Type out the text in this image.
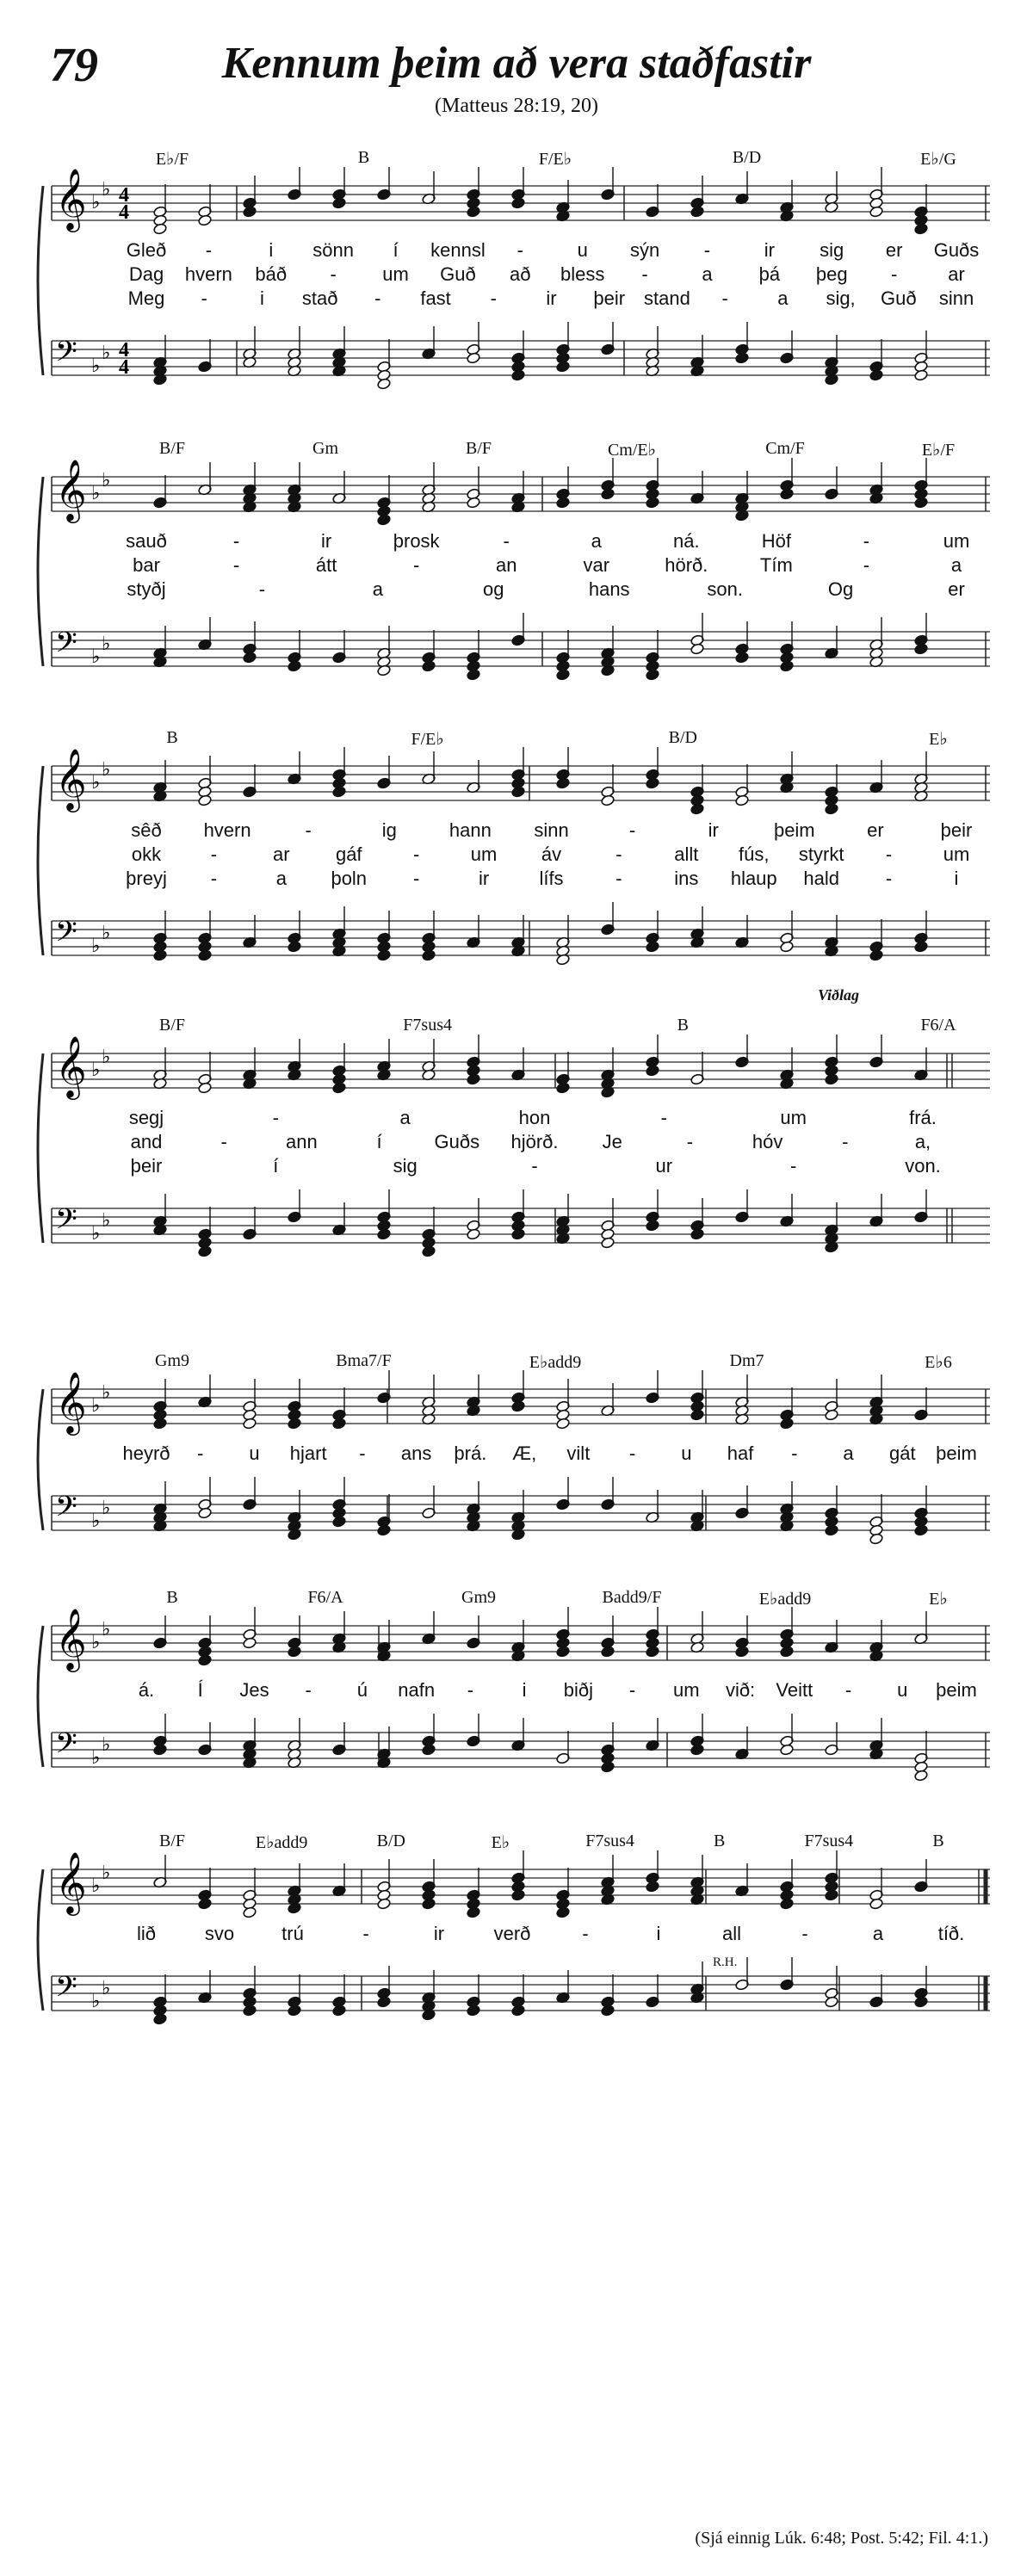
79	Kennum þeim að vera staðfastir
(Matteus 28:19, 20)
E♭/F	B	F/E♭	B/D	E♭/G
𝄞 ♭
♭ 4
4
𝄢 ♭
♭ 4
4
Gleð -	i sönn í kennsl -	u sýn -	ir sig er Guðs
Dag hvern báð - um Guð að bless -	a þá þeg -	ar
Meg -	i stað - fast -	ir þeir stand -	a sig, Guð sinn
B/F	Gm	B/F	Cm/E♭	Cm/F	E♭/F
𝄞 ♭
♭
𝄢 ♭
♭
sauð	-	ir	þrosk	-	a	ná.	Höf	-	um
bar	-	átt	-	an	var	hörð.	Tím	-	a
styðj	-	a	og	hans	son.	Og	er
B	F/E♭	B/D	E♭
𝄞 ♭
♭
𝄢 ♭
♭
sêð hvern	-	ig	hann sinn	-	ir	þeim	er	þeir
okk	-	ar gáf	-	um áv	-	allt fús, styrkt -	um
þreyj -	a þoln -	ir	lífs	-	ins hlaup hald -	i
B/F	F7sus4	B	F6/A
Viðlag
𝄞 ♭
♭
𝄢 ♭
♭
segj	-	a	hon	-	um	frá.
and	-	ann	í	Guðs hjörð. Je	-	hóv	-	a,
þeir	í	sig	-	ur	-	von.
Gm9	Bma7/F	E♭add9	Dm7	E♭6
𝄞 ♭
♭
𝄢 ♭
♭
heyrð - u hjart - ans þrá. Æ, vilt - u haf - a gát þeim
B	F6/A	Gm9	Badd9/F	E♭add9	E♭
𝄞 ♭
♭
𝄢 ♭
♭
á. Í Jes - ú nafn -	i biðj - um við: Veitt - u þeim
B/F	E♭add9	B/D	E♭	F7sus4	B	F7sus4	B
𝄞 ♭
♭
𝄢 ♭
♭
R.H.
lið	svo	trú	-	ir	verð	-	i	all	-	a	tíð.
(Sjá einnig Lúk. 6:48; Post. 5:42; Fil. 4:1.)
